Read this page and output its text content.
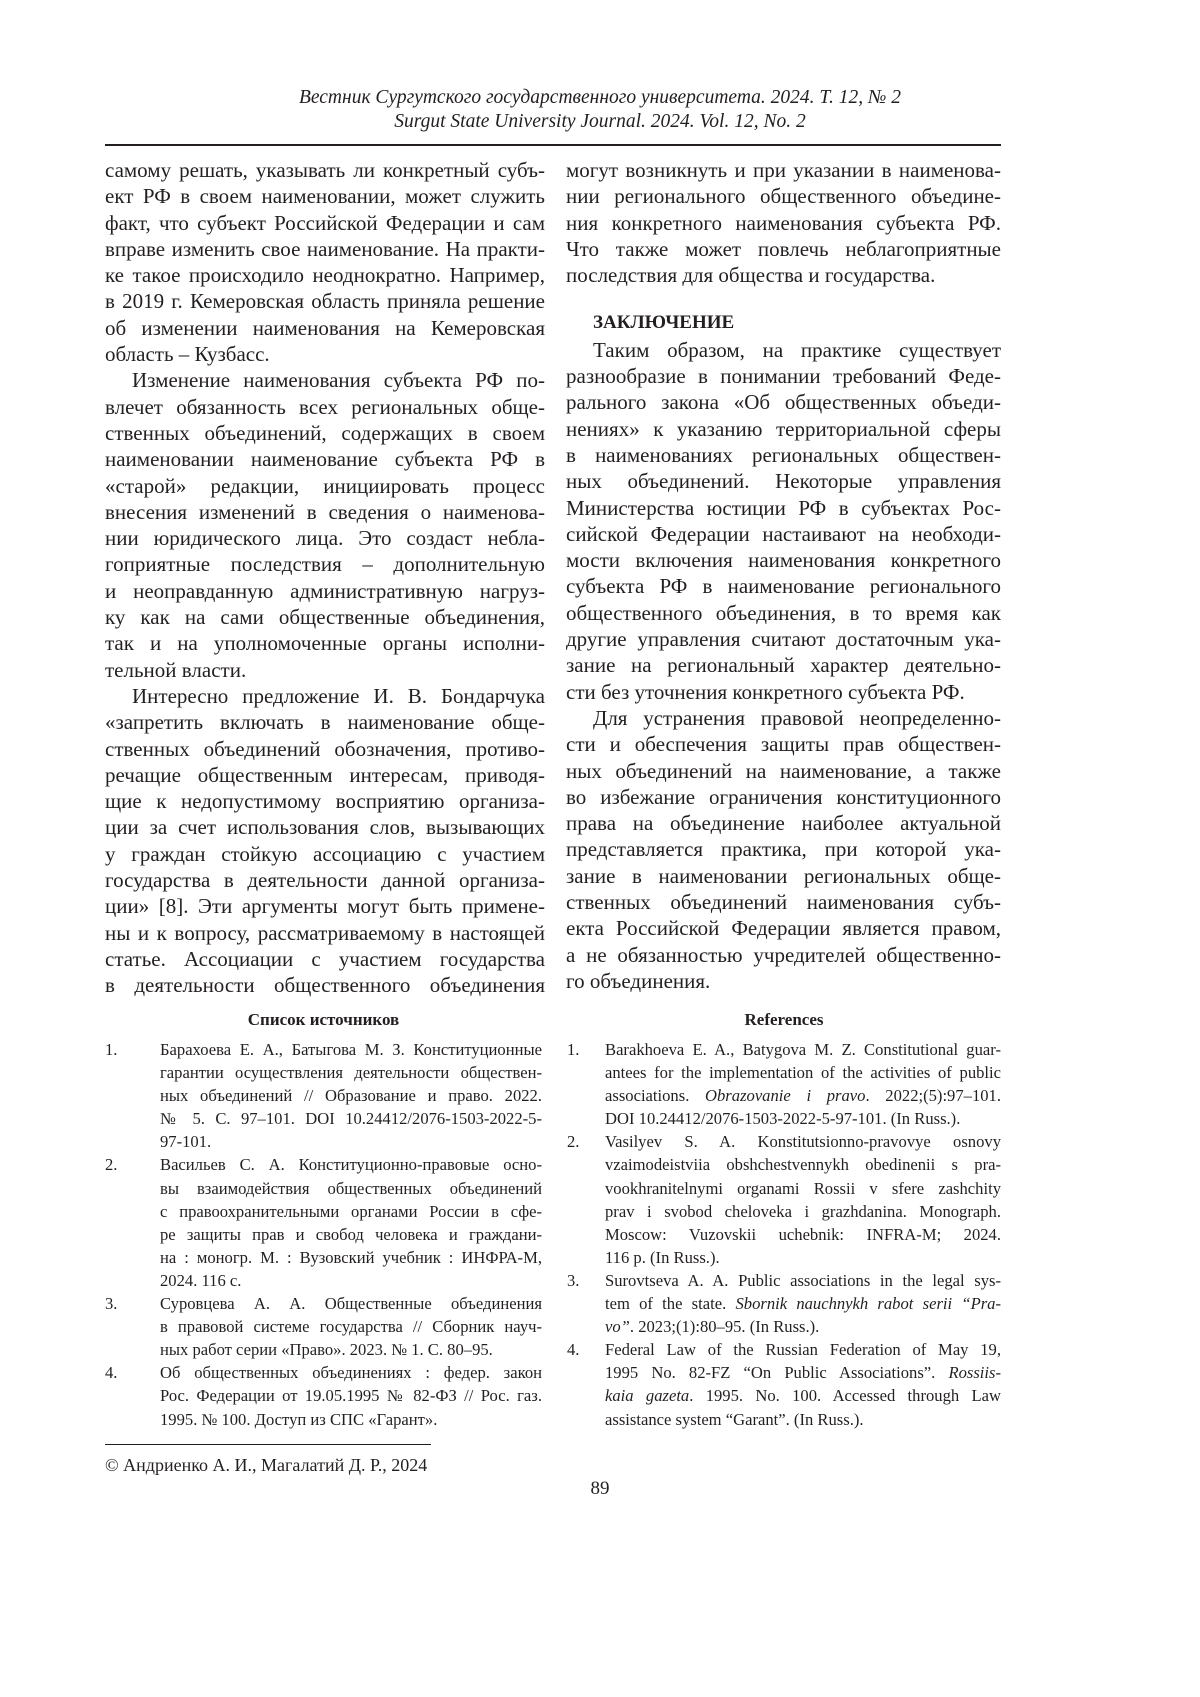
Вестник Сургутского государственного университета. 2024. Т. 12, № 2
Surgut State University Journal. 2024. Vol. 12, No. 2
самому решать, указывать ли конкретный субъ-
ект РФ в своем наименовании, может служить
факт, что субъект Российской Федерации и сам
вправе изменить свое наименование. На практи-
ке такое происходило неоднократно. Например,
в 2019 г. Кемеровская область приняла решение
об изменении наименования на Кемеровская
область – Кузбасс.
Изменение наименования субъекта РФ по-
влечет обязанность всех региональных обще-
ственных объединений, содержащих в своем
наименовании наименование субъекта РФ в
«старой» редакции, инициировать процесс
внесения изменений в сведения о наименова-
нии юридического лица. Это создаст небла-
гоприятные последствия – дополнительную
и неоправданную административную нагруз-
ку как на сами общественные объединения,
так и на уполномоченные органы исполни-
тельной власти.
Интересно предложение И. В. Бондарчука
«запретить включать в наименование обще-
ственных объединений обозначения, противо-
речащие общественным интересам, приводя-
щие к недопустимому восприятию организа-
ции за счет использования слов, вызывающих
у граждан стойкую ассоциацию с участием
государства в деятельности данной организа-
ции» [8]. Эти аргументы могут быть примене-
ны и к вопросу, рассматриваемому в настоящей
статье. Ассоциации с участием государства
в деятельности общественного объединения
могут возникнуть и при указании в наименова-
нии регионального общественного объедине-
ния конкретного наименования субъекта РФ.
Что также может повлечь неблагоприятные
последствия для общества и государства.
ЗАКЛЮЧЕНИЕ
Таким образом, на практике существует
разнообразие в понимании требований Феде-
рального закона «Об общественных объеди-
нениях» к указанию территориальной сферы
в наименованиях региональных обществен-
ных объединений. Некоторые управления
Министерства юстиции РФ в субъектах Рос-
сийской Федерации настаивают на необходи-
мости включения наименования конкретного
субъекта РФ в наименование регионального
общественного объединения, в то время как
другие управления считают достаточным ука-
зание на региональный характер деятельно-
сти без уточнения конкретного субъекта РФ.
Для устранения правовой неопределенно-
сти и обеспечения защиты прав обществен-
ных объединений на наименование, а также
во избежание ограничения конституционного
права на объединение наиболее актуальной
представляется практика, при которой ука-
зание в наименовании региональных обще-
ственных объединений наименования субъ-
екта Российской Федерации является правом,
а не обязанностью учредителей общественно-
го объединения.
Список источников
1.	Барахоева Е. А., Батыгова М. З. Конституционные
гарантии осуществления деятельности обществен-
ных объединений // Образование и право. 2022.
№ 5. С. 97–101. DOI 10.24412/2076-1503-2022-5-
97-101.
2.	Васильев С. А. Конституционно-правовые осно-
вы взаимодействия общественных объединений
с правоохранительными органами России в сфе-
ре защиты прав и свобод человека и граждани-
на : моногр. М. : Вузовский учебник : ИНФРА-М,
2024. 116 с.
3.	Суровцева А. А. Общественные объединения
в правовой системе государства // Сборник науч-
ных работ серии «Право». 2023. № 1. С. 80–95.
4.	Об общественных объединениях : федер. закон
Рос. Федерации от 19.05.1995 № 82-ФЗ // Рос. газ.
1995. № 100. Доступ из СПС «Гарант».
References
1. Barakhoeva E. A., Batygova M. Z. Constitutional guar-
antees for the implementation of the activities of public
associations. Obrazovanie i pravo. 2022;(5):97–101.
DOI 10.24412/2076-1503-2022-5-97-101. (In Russ.).
2. Vasilyev S. A. Konstitutsionno-pravovye osnovy
vzaimodeistviia obshchestvennykh obedinenii s pra-
vookhranitelnymi organami Rossii v sfere zashchity
prav i svobod cheloveka i grazhdanina. Monograph.
Moscow: Vuzovskii uchebnik: INFRA-M; 2024.
116 p. (In Russ.).
3. Surovtseva A. A. Public associations in the legal sys-
tem of the state. Sbornik nauchnykh rabot serii “Pra-
vo”. 2023;(1):80–95. (In Russ.).
4. Federal Law of the Russian Federation of May 19,
1995 No. 82-FZ “On Public Associations”. Rossiis-
kaia gazeta. 1995. No. 100. Accessed through Law
assistance system “Garant”. (In Russ.).
© Андриенко А. И., Магалатий Д. Р., 2024
89
